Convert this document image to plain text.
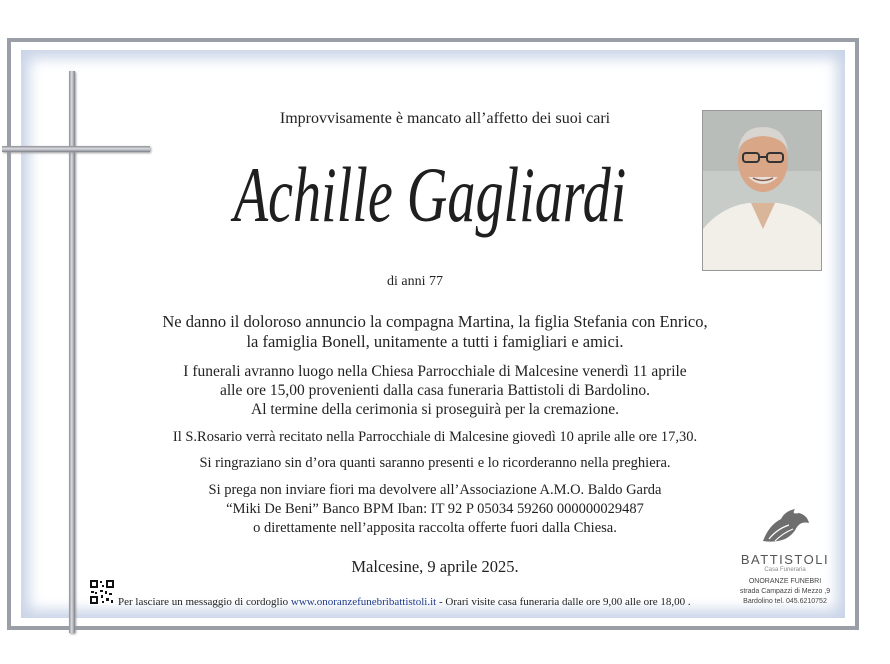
Improvvisamente è mancato all’affetto dei suoi cari
Achille Gagliardi
di anni 77
Ne danno il doloroso annuncio la compagna Martina, la figlia Stefania con Enrico,
la famiglia Bonell, unitamente a tutti i famigliari e amici.
I funerali avranno luogo nella Chiesa Parrocchiale di Malcesine venerdì 11 aprile
alle ore 15,00 provenienti dalla casa funeraria Battistoli di Bardolino.
Al termine della cerimonia si proseguirà per la cremazione.
Il S.Rosario verrà recitato nella Parrocchiale di Malcesine giovedì 10 aprile alle ore 17,30.
Si ringraziano sin d’ora quanti saranno presenti e lo ricorderanno nella preghiera.
Si prega non inviare fiori ma devolvere all’Associazione A.M.O. Baldo Garda
“Miki De Beni” Banco BPM Iban: IT 92 P 05034 59260 000000029487
o direttamente nell’apposita raccolta offerte fuori dalla Chiesa.
Malcesine, 9 aprile 2025.
Per lasciare un messaggio di cordoglio www.onoranzefunebribattistoli.it - Orari visite casa funeraria dalle ore 9,00 alle ore 18,00 .
BATTISTOLI
Casa Funeraria
ONORANZE FUNEBRI
strada Campazzi di Mezzo ,9
Bardolino tel. 045.6210752
